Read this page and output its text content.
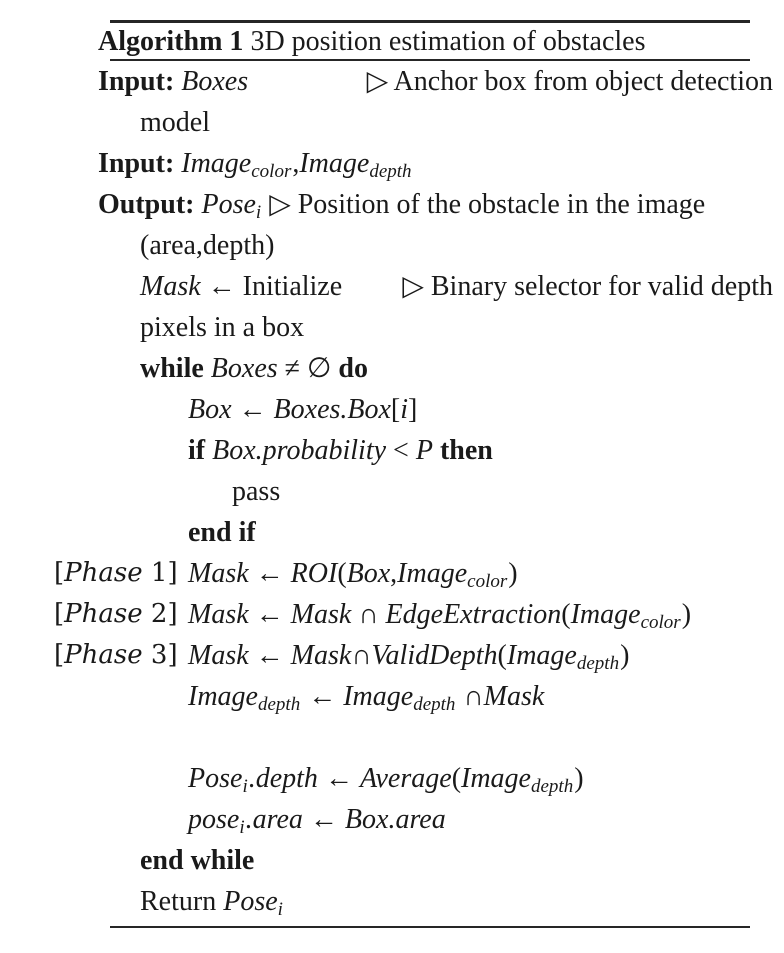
Algorithm 1 3D position estimation of obstacles
▷ Anchor box from object detection
Input: Boxes
model
Input: Imagecolor,Imagedepth
Output: Posei ▷ Position of the obstacle in the image
(area,depth)
▷ Binary selector for valid depth
Mask ← Initialize
pixels in a box
while Boxes ≠ ∅ do
Box ← Boxes.Box[i]
if Box.probability < P then
pass
end if
[Phase 1] Mask ← ROI(Box,Imagecolor)
[Phase 2] Mask ← Mask ∩ EdgeExtraction(Imagecolor)
[Phase 3] Mask ← Mask∩ValidDepth(Imagedepth)
Imagedepth ← Imagedepth ∩Mask
Posei.depth ← Average(Imagedepth)
posei.area ← Box.area
end while
Return Posei
